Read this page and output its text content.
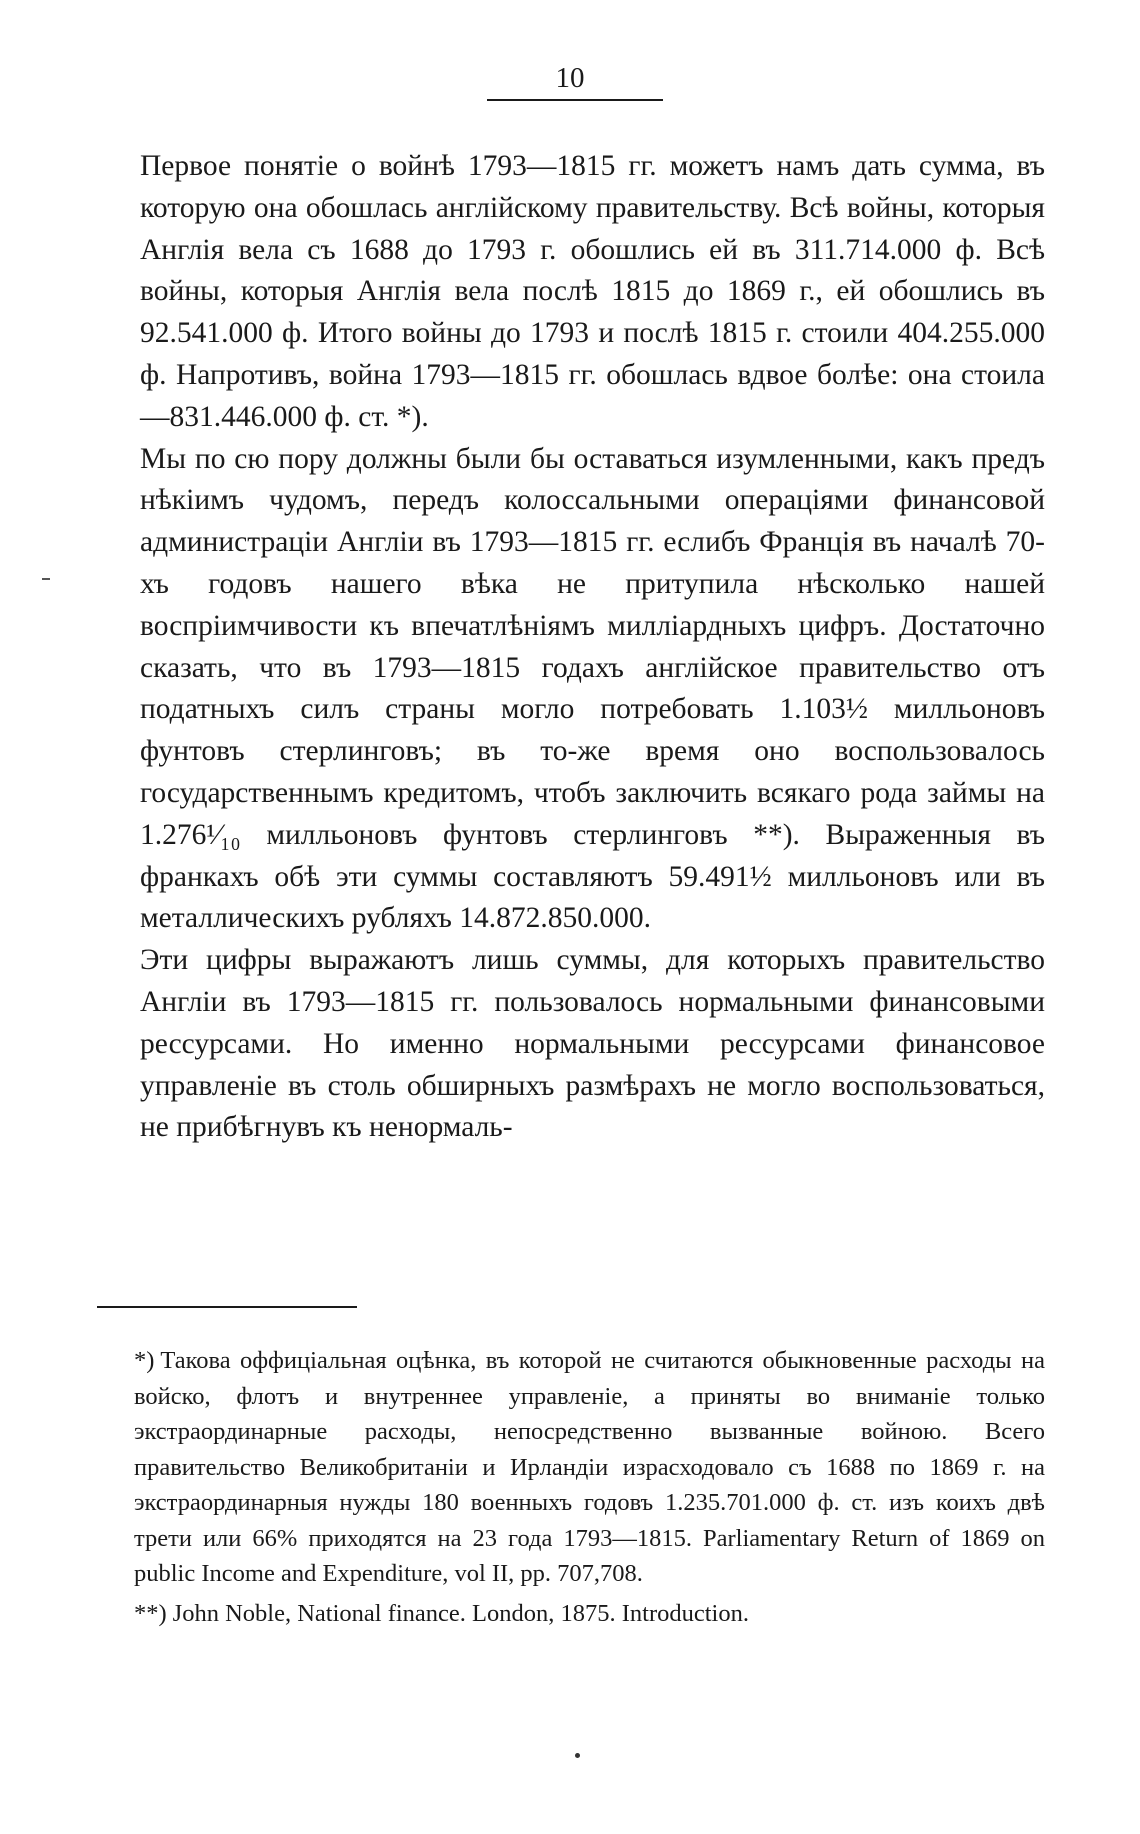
10

Первое понятіе о войнѣ 1793—1815 гг. можетъ намъ дать сумма, въ которую она обошлась англійскому правительству. Всѣ войны, которыя Англія вела съ 1688 до 1793 г. обошлись ей въ 311.714.000 ф. Всѣ войны, которыя Англія вела послѣ 1815 до 1869 г., ей обошлись въ 92.541.000 ф. Итого войны до 1793 и послѣ 1815 г. стоили 404.255.000 ф. Напротивъ, война 1793—1815 гг. обошлась вдвое болѣе: она стоила—831.446.000 ф. ст. *).

Мы по сю пору должны были бы оставаться изумленными, какъ предъ нѣкіимъ чудомъ, передъ колоссальными операціями финансовой администраціи Англіи въ 1793—1815 гг. еслибъ Францiя въ началѣ 70-хъ годовъ нашего вѣка не притупила нѣсколько нашей воспріимчивости къ впечатлѣніямъ милліардныхъ цифръ. Достаточно сказать, что въ 1793—1815 годахъ англійское правительство отъ податныхъ силъ страны могло потребовать 1.103½ милльоновъ фунтовъ стерлинговъ; въ то-же время оно воспользовалось государственнымъ кредитомъ, чтобъ заключить всякаго рода займы на 1.276¹⁄₁₀ милльоновъ фунтовъ стерлинговъ **). Выраженныя въ франкахъ обѣ эти суммы составляютъ 59.491½ милльоновъ или въ металлическихъ рубляхъ 14.872.850.000.

Эти цифры выражаютъ лишь суммы, для которыхъ правительство Англіи въ 1793—1815 гг. пользовалось нормальными финансовыми рессурсами. Но именно нормальными рессурсами финансовое управленіе въ столь обширныхъ размѣрахъ не могло воспользоваться, не прибѣгнувъ къ ненормаль-

*) Такова оффиціальная оцѣнка, въ которой не считаются обыкновенные расходы на войско, флотъ и внутреннее управленіе, а приняты во вниманіе только экстраординарные расходы, непосредственно вызванные войною. Всего правительство Великобританіи и Ирландіи израсходовало съ 1688 по 1869 г. на экстраординарныя нужды 180 военныхъ годовъ 1.235.701.000 ф. ст. изъ коихъ двѣ трети или 66% приходятся на 23 года 1793—1815. Parliamentary Return of 1869 on public Income and Expenditure, vol II, pp. 707,708.

**) John Noble, National finance. London, 1875. Introduction.
